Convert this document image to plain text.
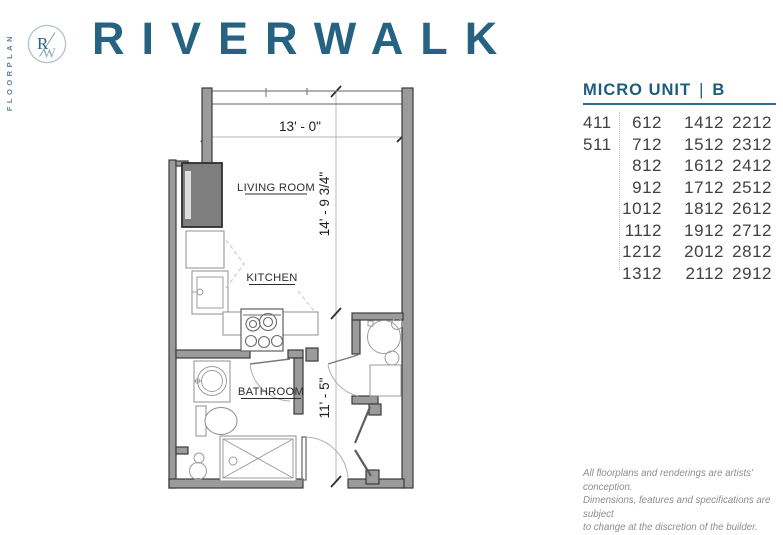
FLOORPLAN R
W RIVERWALK
13' - 0"
14' - 9 3/4"
11' - 5"
LIVING ROOM
KITCHEN
BATHROOM
MICRO UNIT | B
411
511
612
712
812
912
1012
1112
1212
1312
1412
1512
1612
1712
1812
1912
2012
2112
2212
2312
2412
2512
2612
2712
2812
2912
All floorplans and renderings are artists' conception.
Dimensions, features and specifications are subject
to change at the discretion of the builder.
